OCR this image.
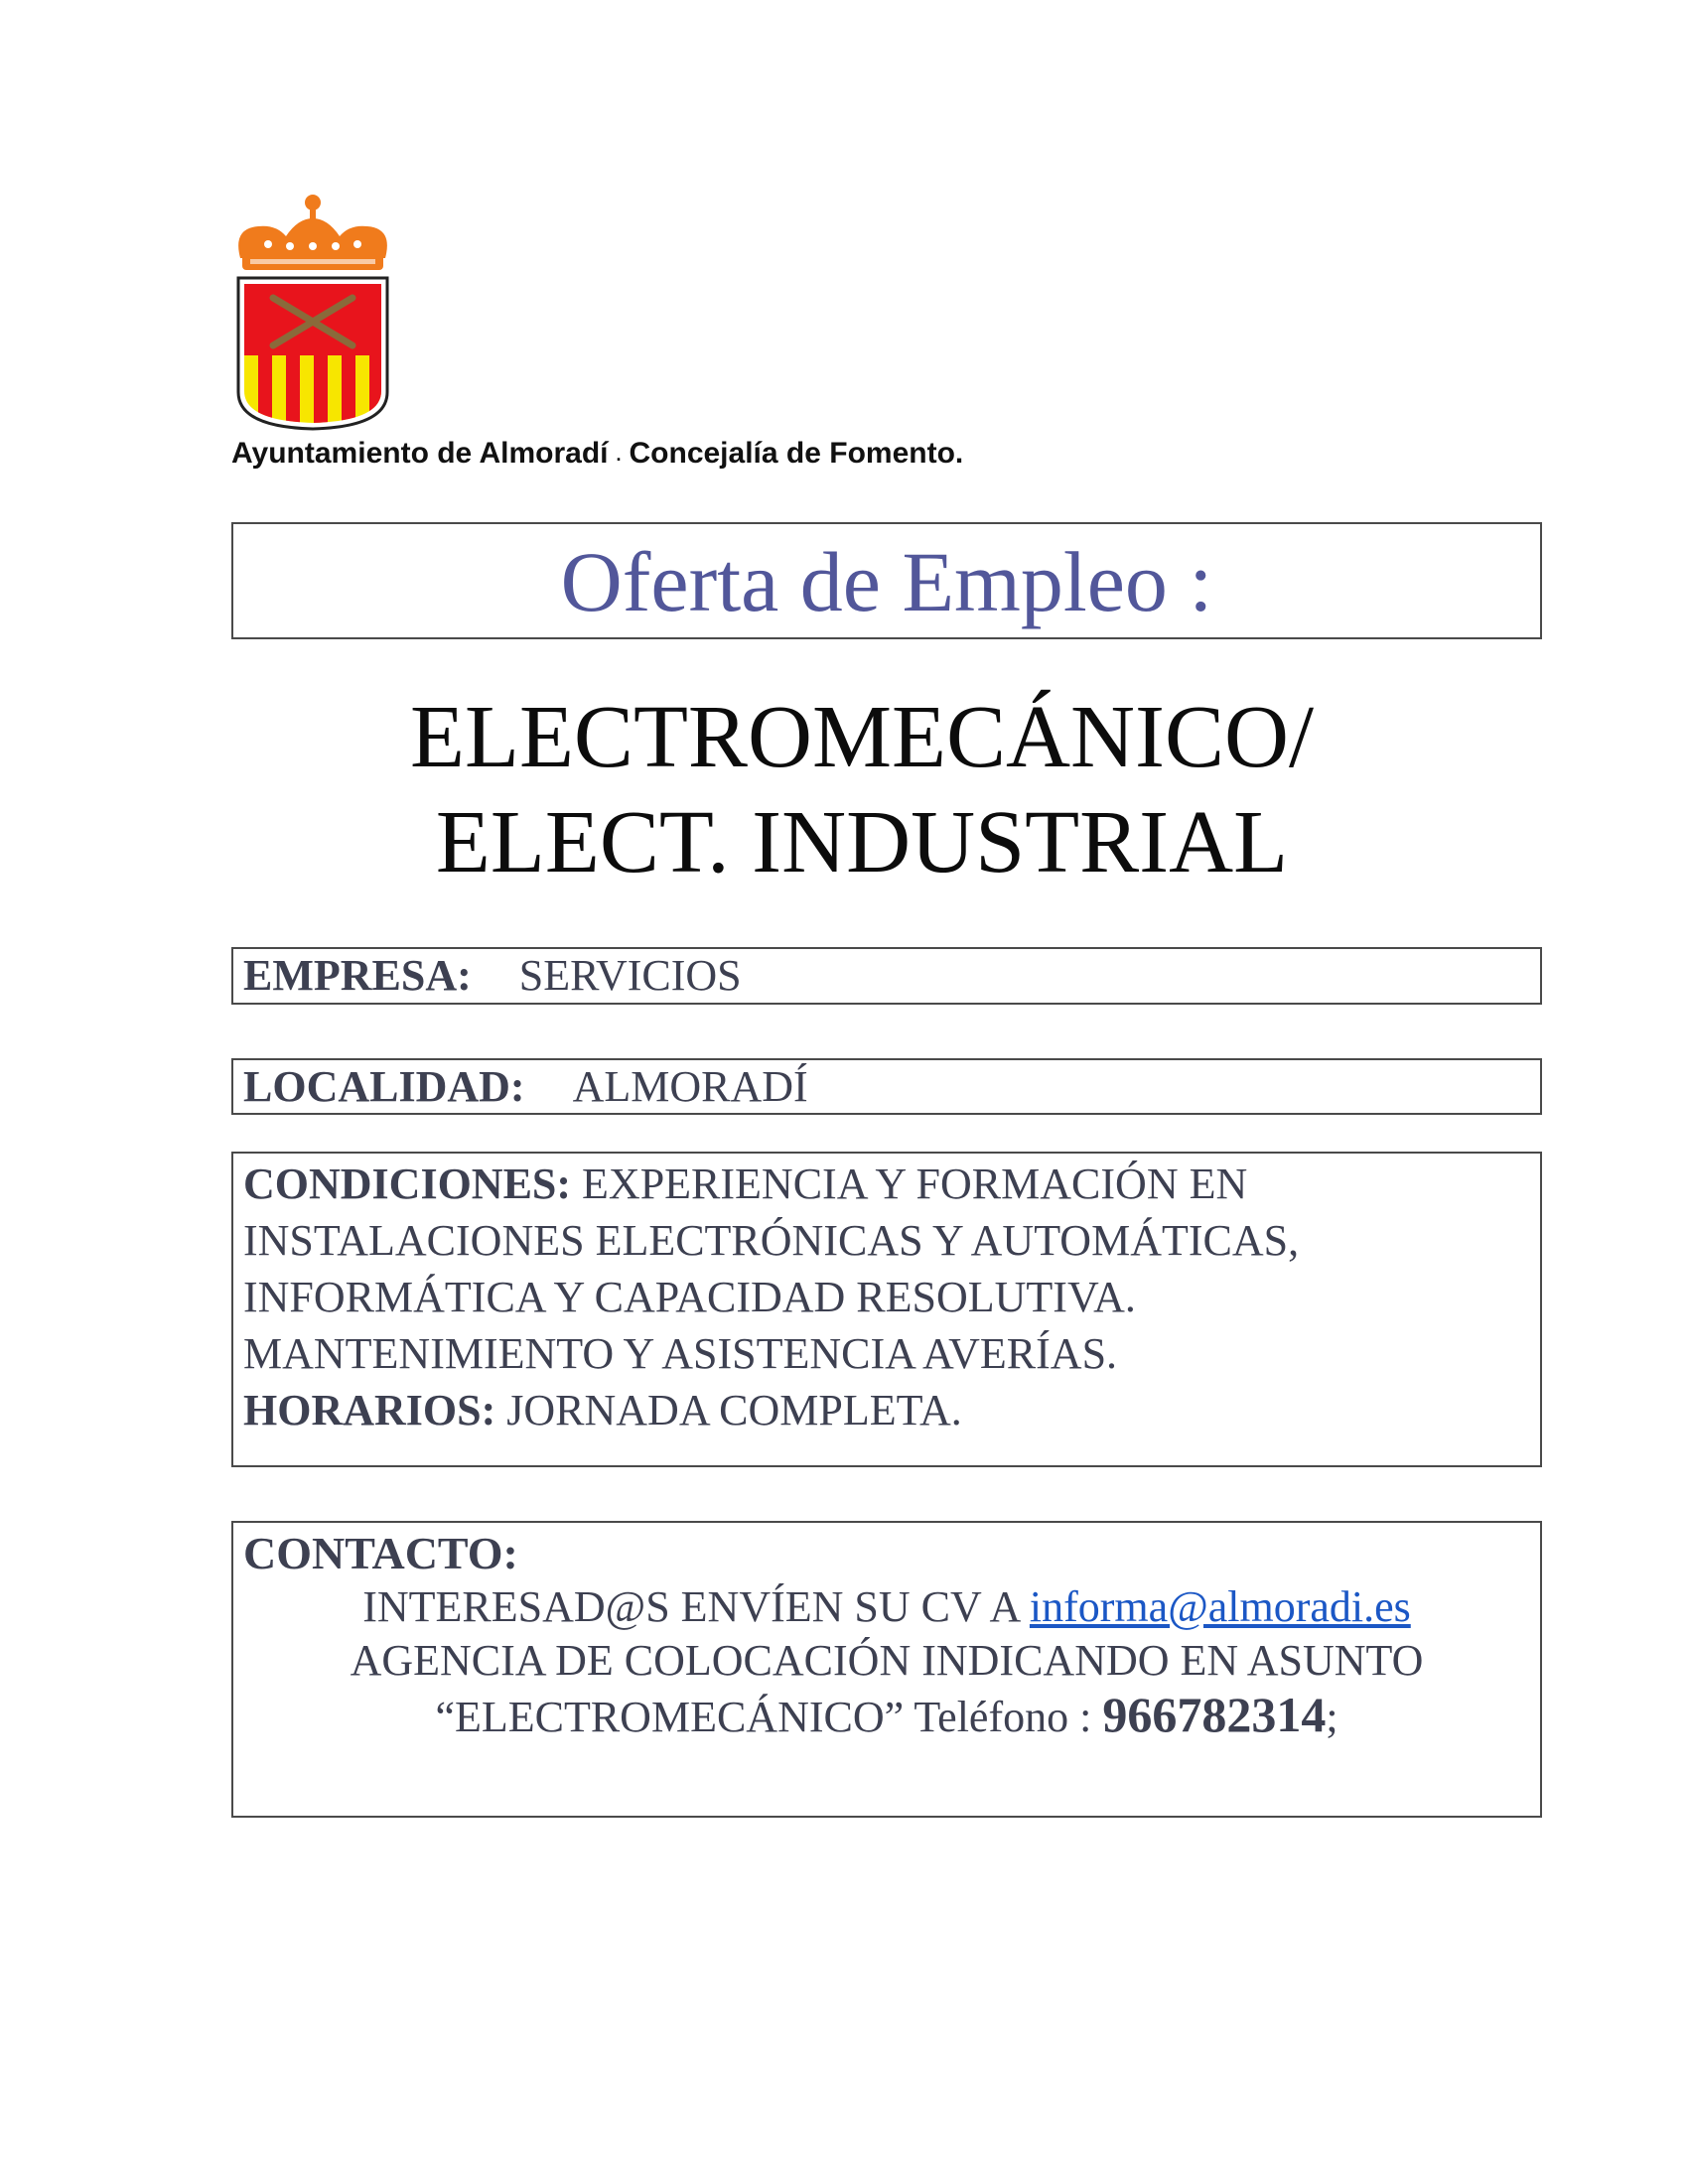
Ayuntamiento de Almoradí . Concejalía de Fomento.
Oferta de Empleo :
ELECTROMECÁNICO/
ELECT. INDUSTRIAL
EMPRESA: SERVICIOS
LOCALIDAD: ALMORADÍ
CONDICIONES: EXPERIENCIA Y FORMACIÓN EN
INSTALACIONES ELECTRÓNICAS Y AUTOMÁTICAS,
INFORMÁTICA Y CAPACIDAD RESOLUTIVA.
MANTENIMIENTO Y ASISTENCIA AVERÍAS.
HORARIOS: JORNADA COMPLETA.
CONTACTO:
INTERESAD@S ENVÍEN SU CV A informa@almoradi.es
AGENCIA DE COLOCACIÓN INDICANDO EN ASUNTO
“ELECTROMECÁNICO” Teléfono : 966782314;
